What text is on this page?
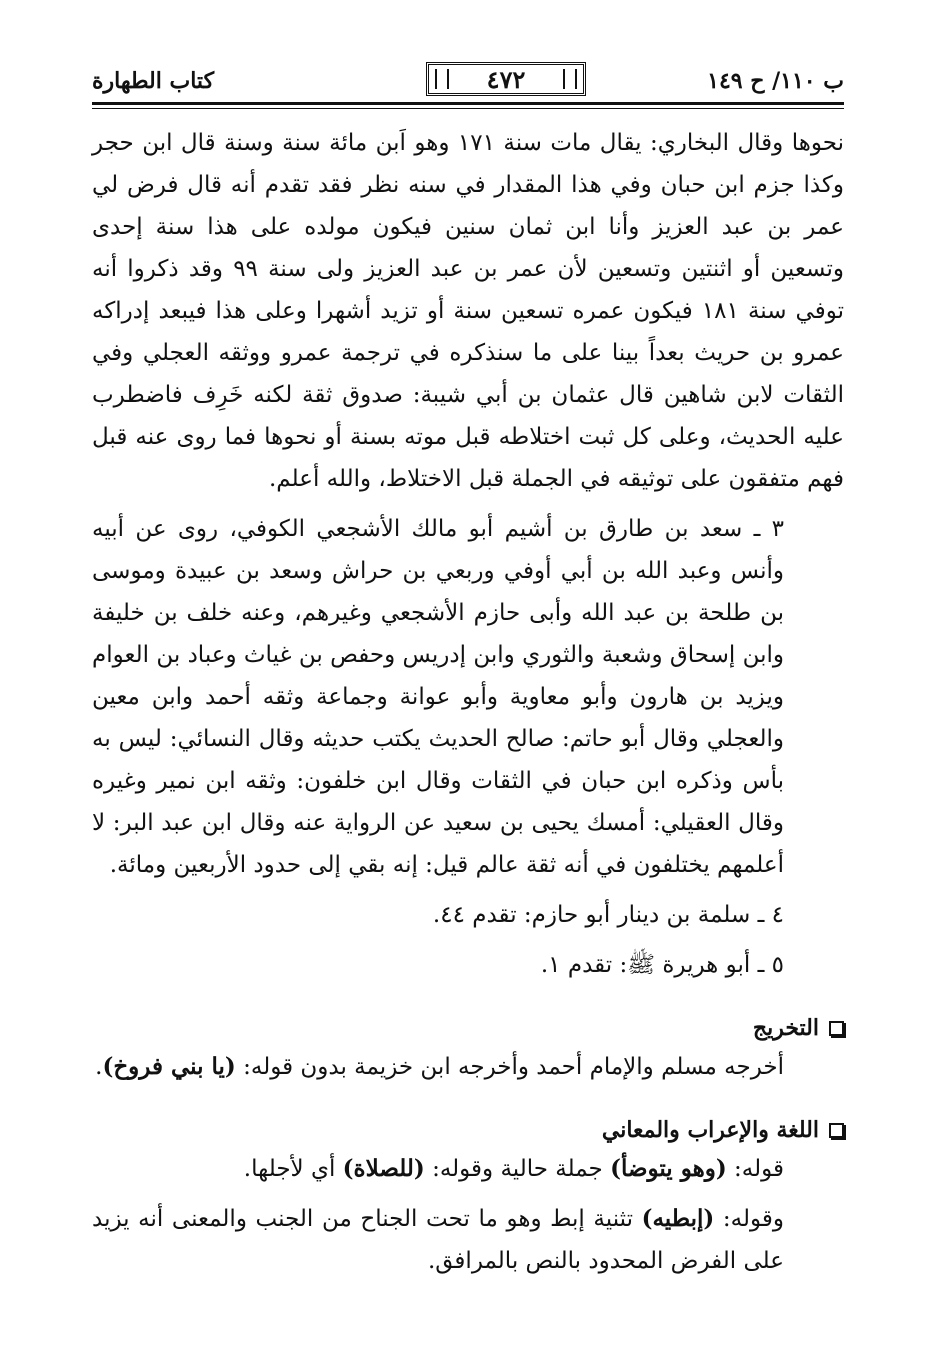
كتاب الطهارة	٤٧٢	ب ١١٠/ ح ١٤٩

نحوها وقال البخاري: يقال مات سنة ١٧١ وهو اَبن مائة سنة وسنة قال ابن حجر وكذا جزم ابن حبان وفي هذا المقدار في سنه نظر فقد تقدم أنه قال فرض لي عمر بن عبد العزيز وأنا ابن ثمان سنين فيكون مولده على هذا سنة إحدى وتسعين أو اثنتين وتسعين لأن عمر بن عبد العزيز ولى سنة ٩٩ وقد ذكروا أنه توفي سنة ١٨١ فيكون عمره تسعين سنة أو تزيد أشهرا وعلى هذا فيبعد إدراكه عمرو بن حريث بعداً بينا على ما سنذكره في ترجمة عمرو ووثقه العجلي وفي الثقات لابن شاهين قال عثمان بن أبي شيبة: صدوق ثقة لكنه خَرِف فاضطرب عليه الحديث، وعلى كل ثبت اختلاطه قبل موته بسنة أو نحوها فما روى عنه قبل فهم متفقون على توثيقه في الجملة قبل الاختلاط، والله أعلم.

٣ ـ سعد بن طارق بن أشيم أبو مالك الأشجعي الكوفي، روى عن أبيه وأنس وعبد الله بن أبي أوفي وربعي بن حراش وسعد بن عبيدة وموسى بن طلحة بن عبد الله وأبى حازم الأشجعي وغيرهم، وعنه خلف بن خليفة وابن إسحاق وشعبة والثوري وابن إدريس وحفص بن غياث وعباد بن العوام ويزيد بن هارون وأبو معاوية وأبو عوانة وجماعة وثقه أحمد وابن معين والعجلي وقال أبو حاتم: صالح الحديث يكتب حديثه وقال النسائي: ليس به بأس وذكره ابن حبان في الثقات وقال ابن خلفون: وثقه ابن نمير وغيره وقال العقيلي: أمسك يحيى بن سعيد عن الرواية عنه وقال ابن عبد البر: لا أعلمهم يختلفون في أنه ثقة عالم قيل: إنه بقي إلى حدود الأربعين ومائة.

٤ ـ سلمة بن دينار أبو حازم: تقدم ٤٤.

٥ ـ أبو هريرة ﷺ: تقدم ١.

التخريج

أخرجه مسلم والإمام أحمد وأخرجه ابن خزيمة بدون قوله: (يا بني فروخ).

اللغة والإعراب والمعاني

قوله: (وهو يتوضأ) جملة حالية وقوله: (للصلاة) أي لأجلها.

وقوله: (إبطيه) تثنية إبط وهو ما تحت الجناح من الجنب والمعنى أنه يزيد على الفرض المحدود بالنص بالمرافق.
